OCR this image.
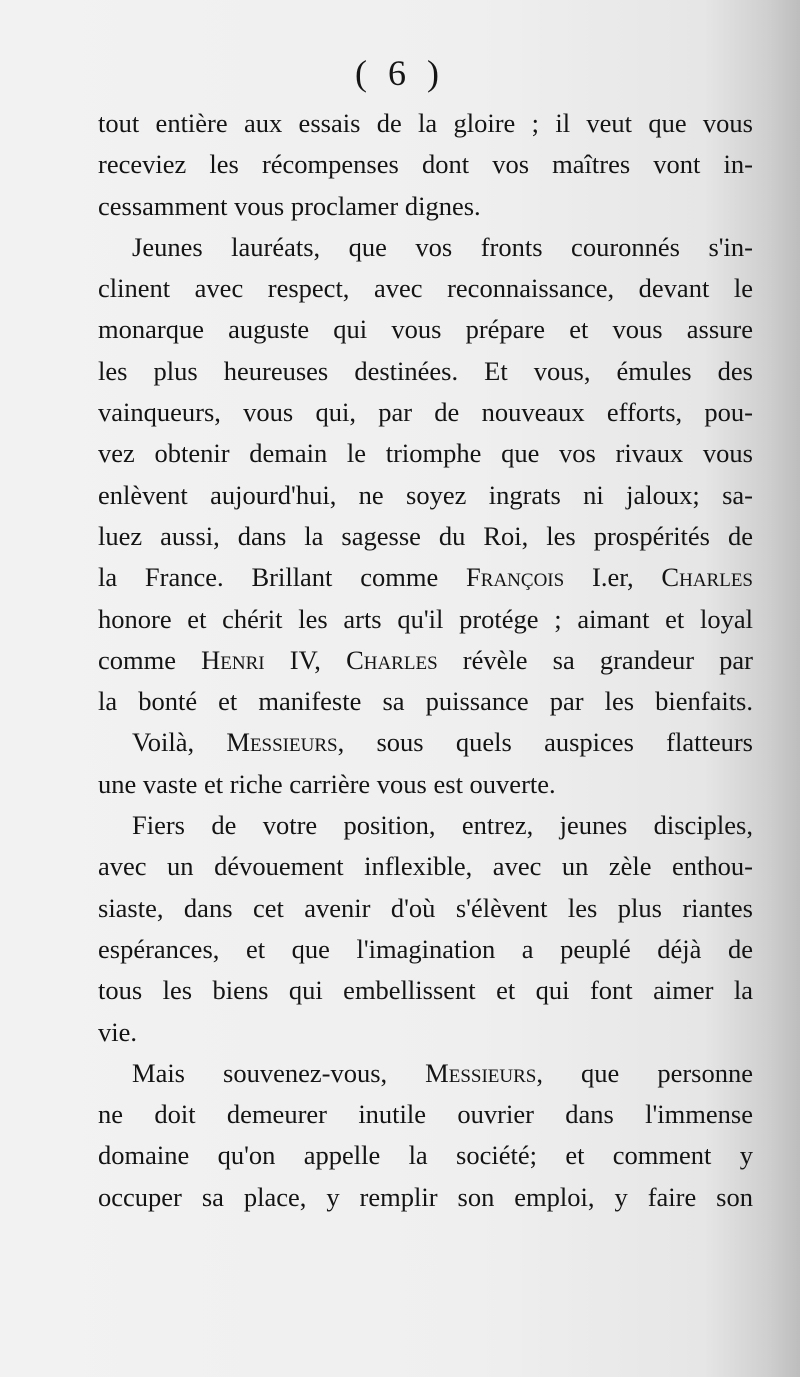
( 6 )
tout entière aux essais de la gloire ; il veut que vous
receviez les récompenses dont vos maîtres vont in-
cessamment vous proclamer dignes.
Jeunes lauréats, que vos fronts couronnés s'in-
clinent avec respect, avec reconnaissance, devant le
monarque auguste qui vous prépare et vous assure
les plus heureuses destinées. Et vous, émules des
vainqueurs, vous qui, par de nouveaux efforts, pou-
vez obtenir demain le triomphe que vos rivaux vous
enlèvent aujourd'hui, ne soyez ingrats ni jaloux; sa-
luez aussi, dans la sagesse du Roi, les prospérités de
la France. Brillant comme François I.er, Charles
honore et chérit les arts qu'il protége ; aimant et loyal
comme Henri IV, Charles révèle sa grandeur par
la bonté et manifeste sa puissance par les bienfaits.
Voilà, Messieurs, sous quels auspices flatteurs
une vaste et riche carrière vous est ouverte.
Fiers de votre position, entrez, jeunes disciples,
avec un dévouement inflexible, avec un zèle enthou-
siaste, dans cet avenir d'où s'élèvent les plus riantes
espérances, et que l'imagination a peuplé déjà de
tous les biens qui embellissent et qui font aimer la
vie.
Mais souvenez-vous, Messieurs, que personne
ne doit demeurer inutile ouvrier dans l'immense
domaine qu'on appelle la société; et comment y
occuper sa place, y remplir son emploi, y faire son
